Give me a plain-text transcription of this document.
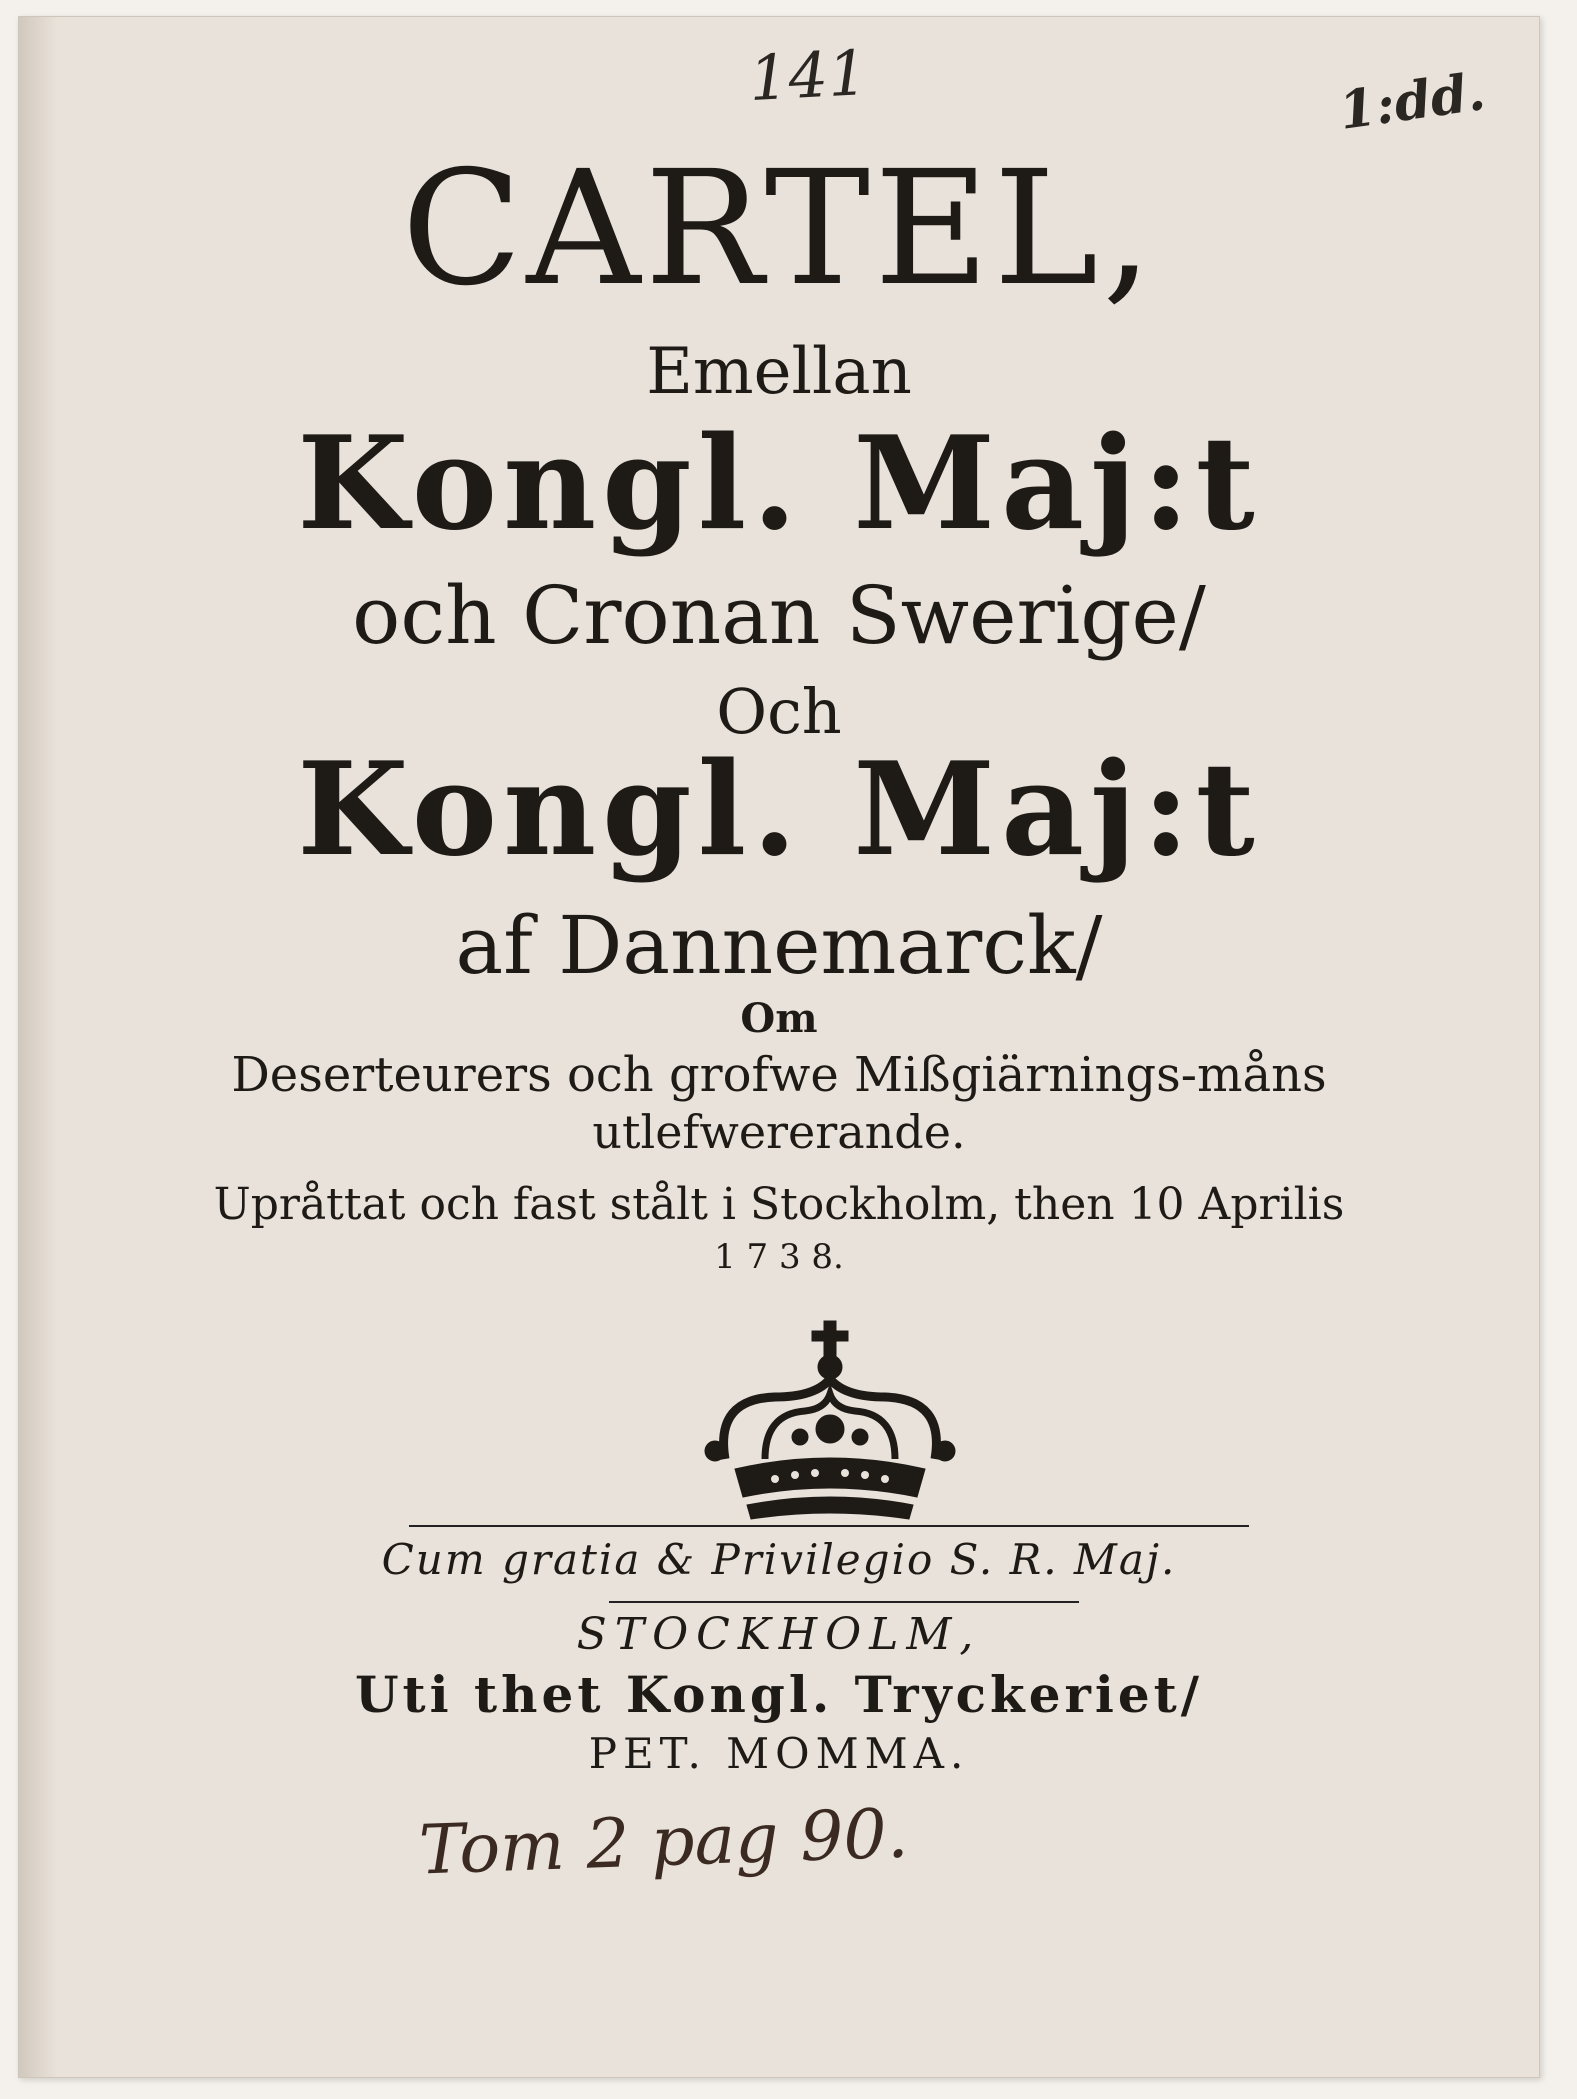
141	1:dd.
CARTEL,
Emellan
Kongl. Maj:t
och Cronan Swerige/
Och
Kongl. Maj:t
af Dannemarck/
Om
Deserteurers och grofwe Mißgiärnings-måns
utlefwererande.
Upråttat och fast stålt i Stockholm, then 10 Aprilis
1 7 3 8.
Cum gratia & Privilegio S. R. Maj.
STOCKHOLM,
Uti thet Kongl. Tryckeriet/
PET. MOMMA.
Tom 2 pag 90.
